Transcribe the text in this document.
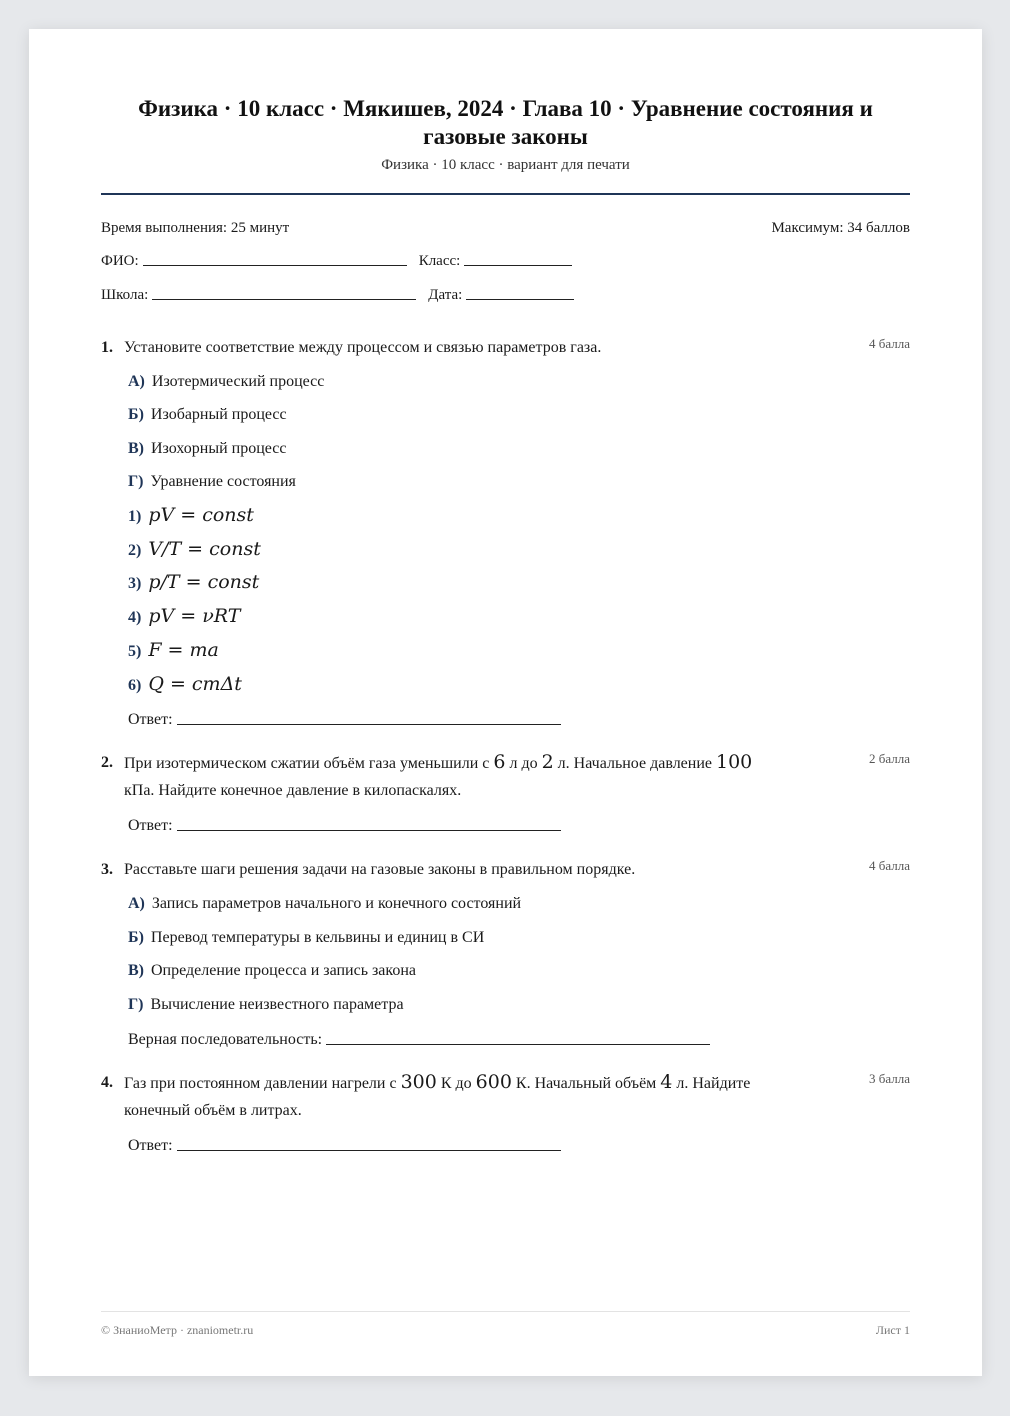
Физика · 10 класс · Мякишев, 2024 · Глава 10 · Уравнение состояния и газовые законы
Физика · 10 класс · вариант для печати
Время выполнения: 25 минут	Максимум: 34 баллов
ФИО:	Класс:
Школа:	Дата:
1. Установите соответствие между процессом и связью параметров газа.	4 балла
А) Изотермический процесс
Б) Изобарный процесс
В) Изохорный процесс
Г) Уравнение состояния
1) pV = const
2) V/T = const
3) p/T = const
4) pV = νRT
5) F = ma
6) Q = cmΔt
Ответ:
2. При изотермическом сжатии объём газа уменьшили с 6 л до 2 л. Начальное давление 100
кПа. Найдите конечное давление в килопаскалях.
2 балла
Ответ:
3. Расставьте шаги решения задачи на газовые законы в правильном порядке.	4 балла
А) Запись параметров начального и конечного состояний
Б) Перевод температуры в кельвины и единиц в СИ
В) Определение процесса и запись закона
Г) Вычисление неизвестного параметра
Верная последовательность:
4. Газ при постоянном давлении нагрели с 300 К до 600 К. Начальный объём 4 л. Найдите
конечный объём в литрах.
3 балла
Ответ:
© ЗнаниоМетр · znaniometr.ru	Лист 1
